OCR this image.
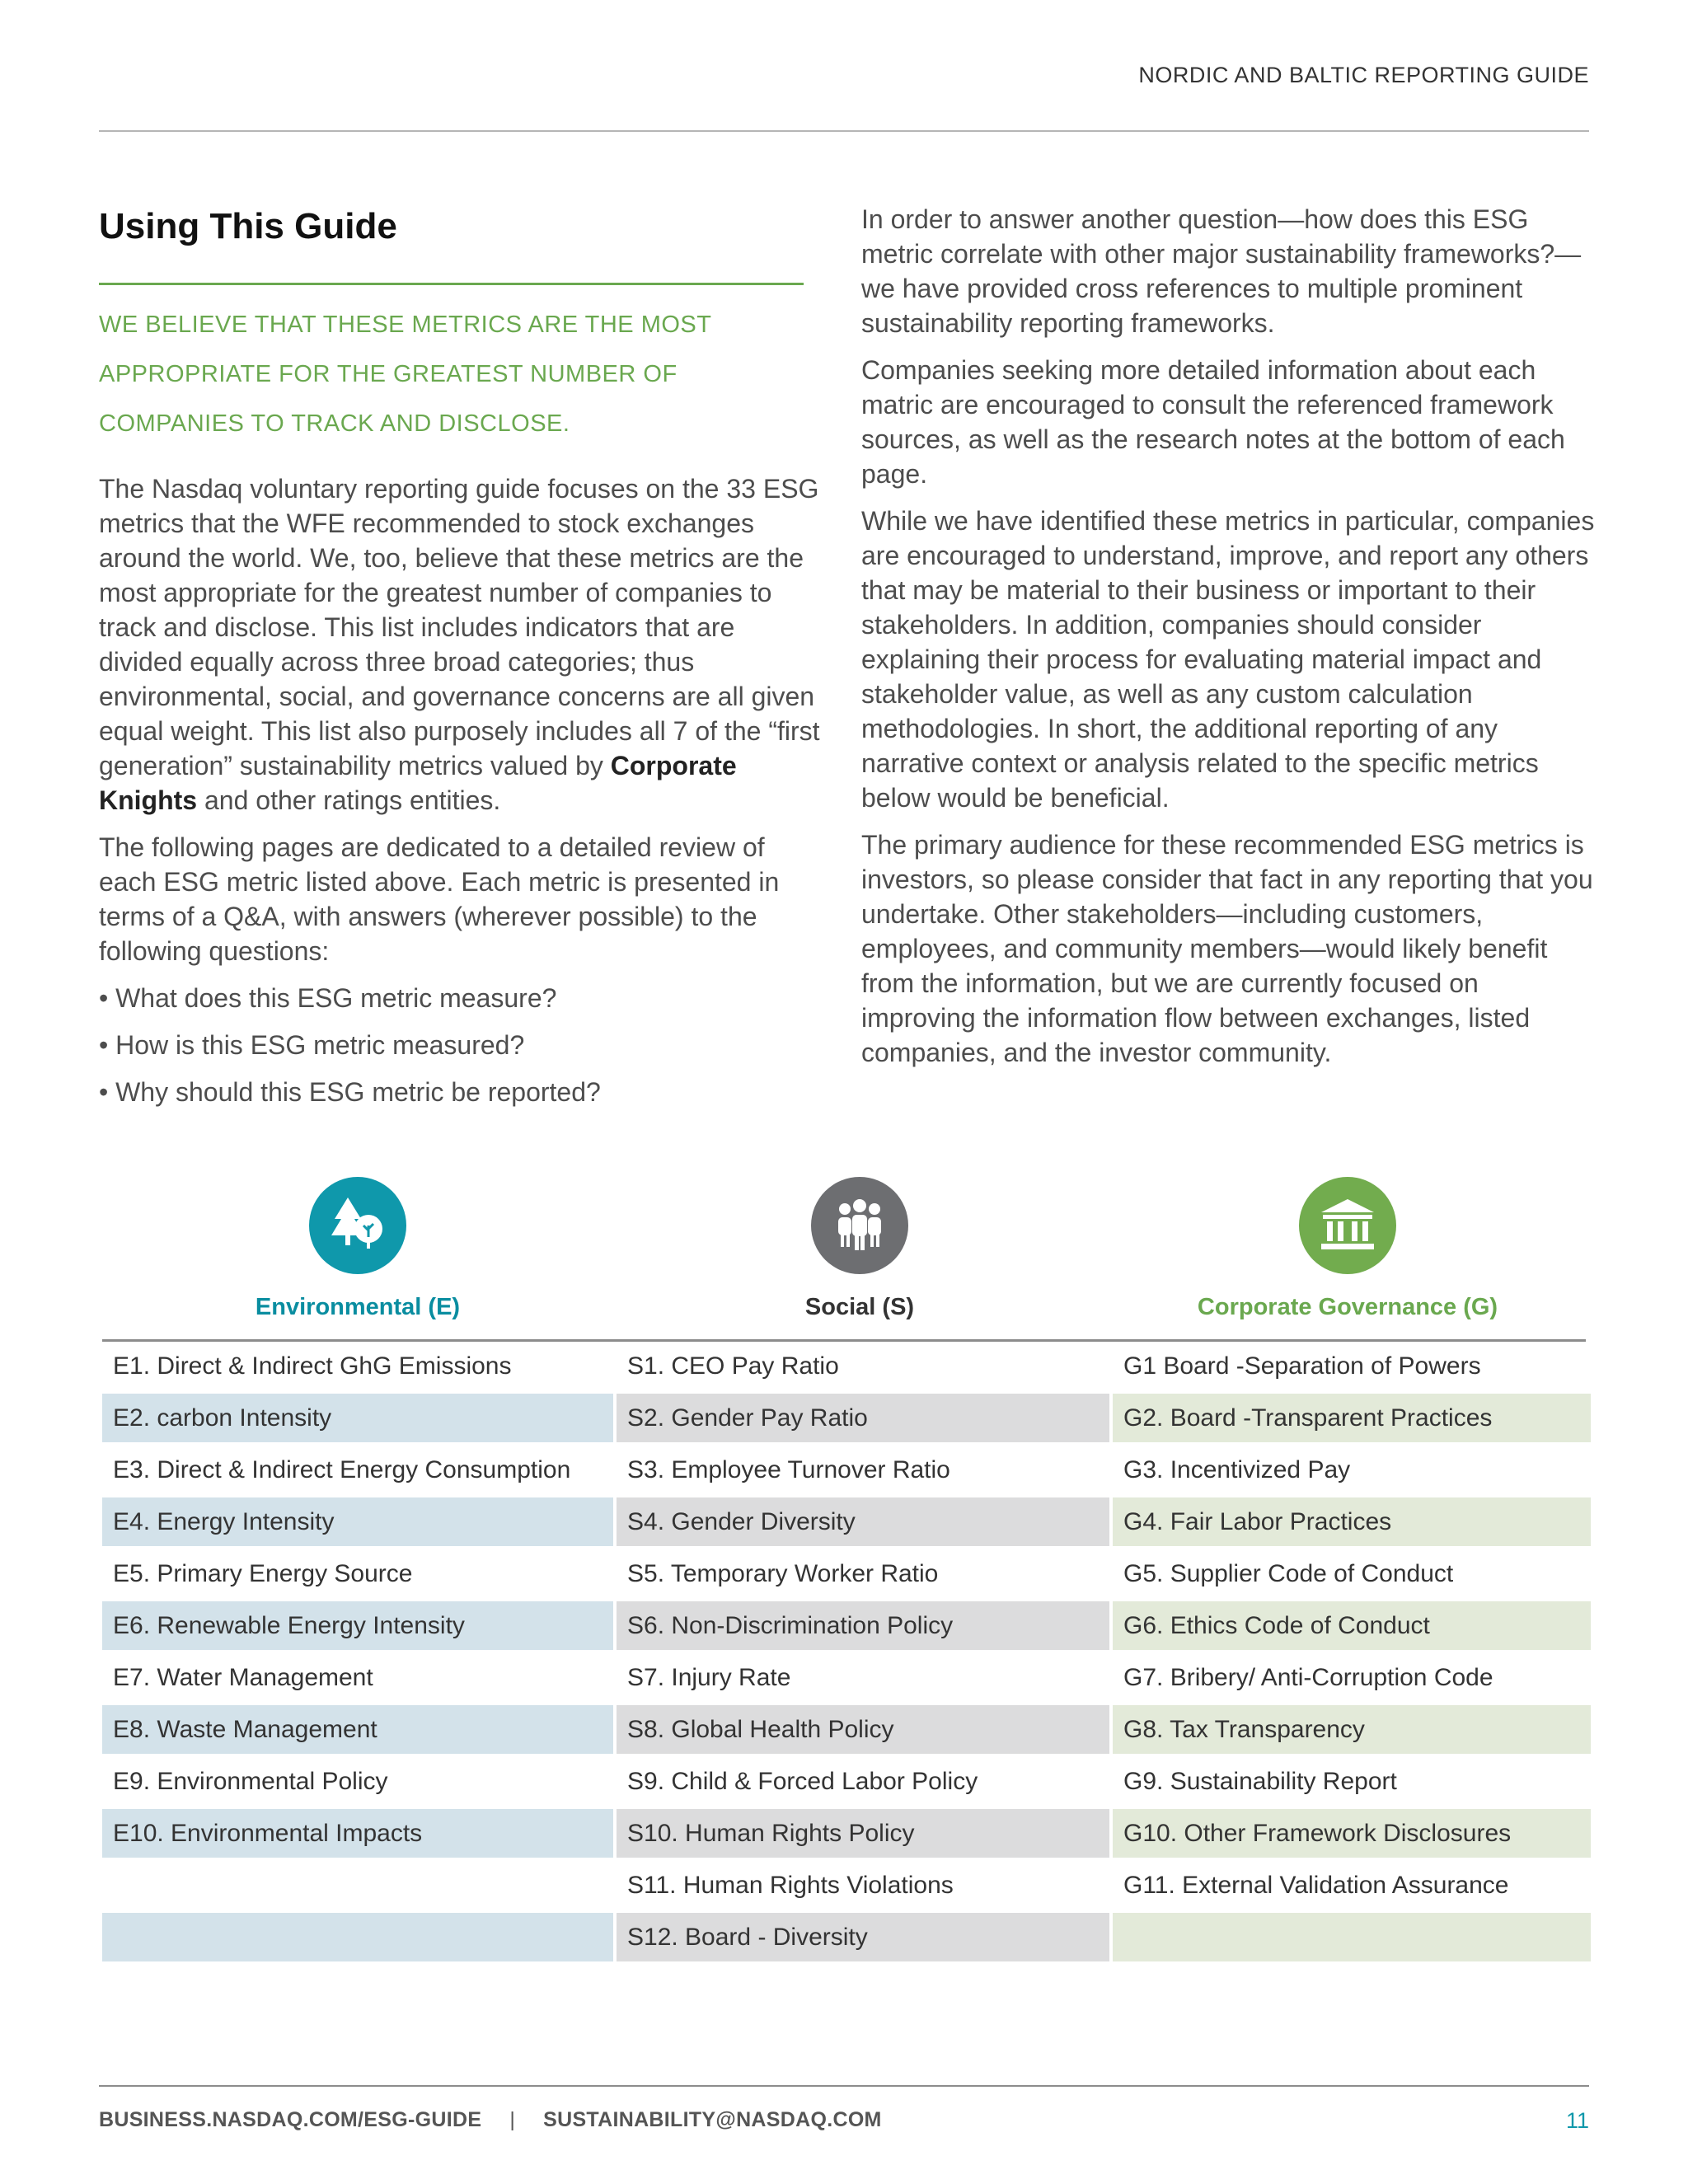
NORDIC AND BALTIC REPORTING GUIDE
Using This Guide
WE BELIEVE THAT THESE METRICS ARE THE MOST
APPROPRIATE FOR THE GREATEST NUMBER OF
COMPANIES TO TRACK AND DISCLOSE.

The Nasdaq voluntary reporting guide focuses on the 33 ESG metrics that the WFE recommended to stock exchanges around the world. We, too, believe that these metrics are the most appropriate for the greatest number of companies to track and disclose. This list includes indicators that are divided equally across three broad categories; thus environmental, social, and governance concerns are all given equal weight. This list also purposely includes all 7 of the “first generation” sustainability metrics valued by Corporate Knights and other ratings entities.

The following pages are dedicated to a detailed review of each ESG metric listed above. Each metric is presented in terms of a Q&A, with answers (wherever possible) to the following questions:

• What does this ESG metric measure?
• How is this ESG metric measured?
• Why should this ESG metric be reported?

In order to answer another question—how does this ESG metric correlate with other major sustainability frameworks?—we have provided cross references to multiple prominent sustainability reporting frameworks.

Companies seeking more detailed information about each matric are encouraged to consult the referenced framework sources, as well as the research notes at the bottom of each page.

While we have identified these metrics in particular, companies are encouraged to understand, improve, and report any others that may be material to their business or important to their stakeholders. In addition, companies should consider explaining their process for evaluating material impact and stakeholder value, as well as any custom calculation methodologies. In short, the additional reporting of any narrative context or analysis related to the specific metrics below would be beneficial.

The primary audience for these recommended ESG metrics is investors, so please consider that fact in any reporting that you undertake. Other stakeholders—including customers, employees, and community members—would likely benefit from the information, but we are currently focused on improving the information flow between exchanges, listed companies, and the investor community.

Environmental (E)	Social (S)	Corporate Governance (G)
E1. Direct & Indirect GhG Emissions	S1. CEO Pay Ratio	G1 Board -Separation of Powers
E2. carbon Intensity	S2. Gender Pay Ratio	G2. Board -Transparent Practices
E3. Direct & Indirect Energy Consumption	S3. Employee Turnover Ratio	G3. Incentivized Pay
E4. Energy Intensity	S4. Gender Diversity	G4. Fair Labor Practices
E5. Primary Energy Source	S5. Temporary Worker Ratio	G5. Supplier Code of Conduct
E6. Renewable Energy Intensity	S6. Non-Discrimination Policy	G6. Ethics Code of Conduct
E7. Water Management	S7. Injury Rate	G7. Bribery/ Anti-Corruption Code
E8. Waste Management	S8. Global Health Policy	G8. Tax Transparency
E9. Environmental Policy	S9. Child & Forced Labor Policy	G9. Sustainability Report
E10. Environmental Impacts	S10. Human Rights Policy	G10. Other Framework Disclosures
	S11. Human Rights Violations	G11. External Validation Assurance
	S12. Board - Diversity	
BUSINESS.NASDAQ.COM/ESG-GUIDE | SUSTAINABILITY@NASDAQ.COM	11
